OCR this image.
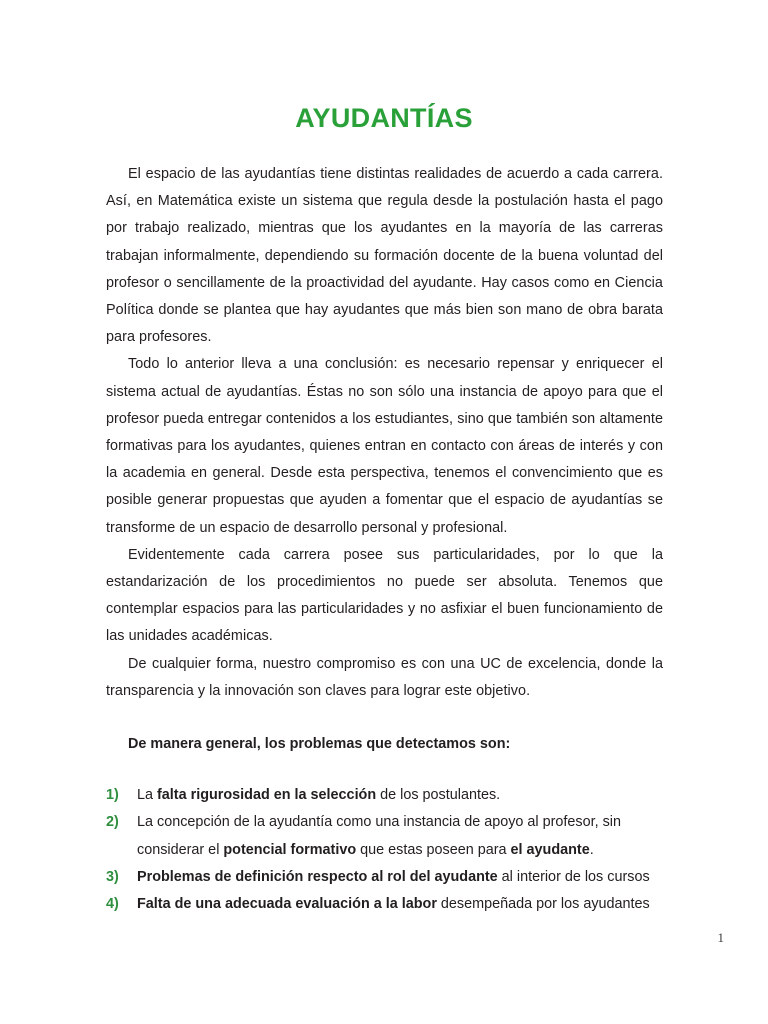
AYUDANTÍAS

El espacio de las ayudantías tiene distintas realidades de acuerdo a cada carrera. Así, en Matemática existe un sistema que regula desde la postulación hasta el pago por trabajo realizado, mientras que los ayudantes en la mayoría de las carreras trabajan informalmente, dependiendo su formación docente de la buena voluntad del profesor o sencillamente de la proactividad del ayudante. Hay casos como en Ciencia Política donde se plantea que hay ayudantes que más bien son mano de obra barata para profesores.

Todo lo anterior lleva a una conclusión: es necesario repensar y enriquecer el sistema actual de ayudantías. Éstas no son sólo una instancia de apoyo para que el profesor pueda entregar contenidos a los estudiantes, sino que también son altamente formativas para los ayudantes, quienes entran en contacto con áreas de interés y con la academia en general. Desde esta perspectiva, tenemos el convencimiento que es posible generar propuestas que ayuden a fomentar que el espacio de ayudantías se transforme de un espacio de desarrollo personal y profesional.

Evidentemente cada carrera posee sus particularidades, por lo que la estandarización de los procedimientos no puede ser absoluta. Tenemos que contemplar espacios para las particularidades y no asfixiar el buen funcionamiento de las unidades académicas.

De cualquier forma, nuestro compromiso es con una UC de excelencia, donde la transparencia y la innovación son claves para lograr este objetivo.

De manera general, los problemas que detectamos son:

1)	La falta rigurosidad en la selección de los postulantes.
2)	La concepción de la ayudantía como una instancia de apoyo al profesor, sin considerar el potencial formativo que estas poseen para el ayudante.
3)	Problemas de definición respecto al rol del ayudante al interior de los cursos
4)	Falta de una adecuada evaluación a la labor desempeñada por los ayudantes
1
